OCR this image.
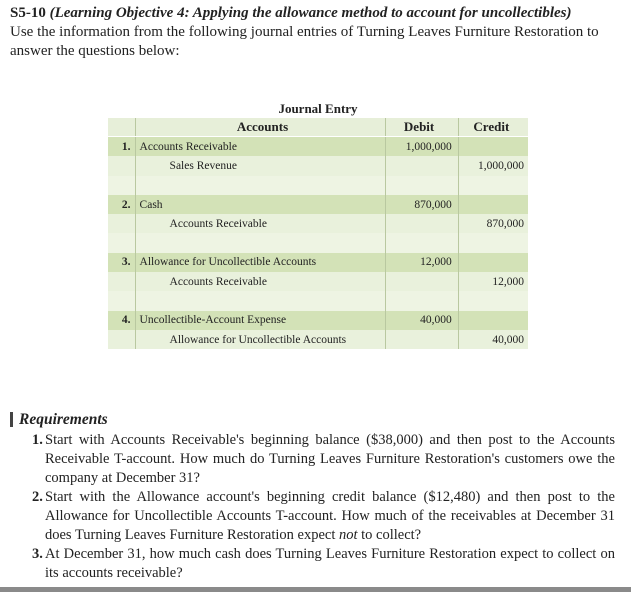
S5-10 (Learning Objective 4: Applying the allowance method to account for uncollectibles)
Use the information from the following journal entries of Turning Leaves Furniture Restoration to answer the questions below:
Journal Entry
	Accounts	Debit	Credit
1.	Accounts Receivable	1,000,000	
	Sales Revenue		1,000,000

2.	Cash	870,000	
	Accounts Receivable		870,000

3.	Allowance for Uncollectible Accounts	12,000	
	Accounts Receivable		12,000

4.	Uncollectible-Account Expense	40,000	
	Allowance for Uncollectible Accounts		40,000
Requirements
1. Start with Accounts Receivable's beginning balance ($38,000) and then post to the Accounts Receivable T-account. How much do Turning Leaves Furniture Restoration's customers owe the company at December 31?
2. Start with the Allowance account's beginning credit balance ($12,480) and then post to the Allowance for Uncollectible Accounts T-account. How much of the receivables at December 31 does Turning Leaves Furniture Restoration expect not to collect?
3. At December 31, how much cash does Turning Leaves Furniture Restoration expect to collect on its accounts receivable?
